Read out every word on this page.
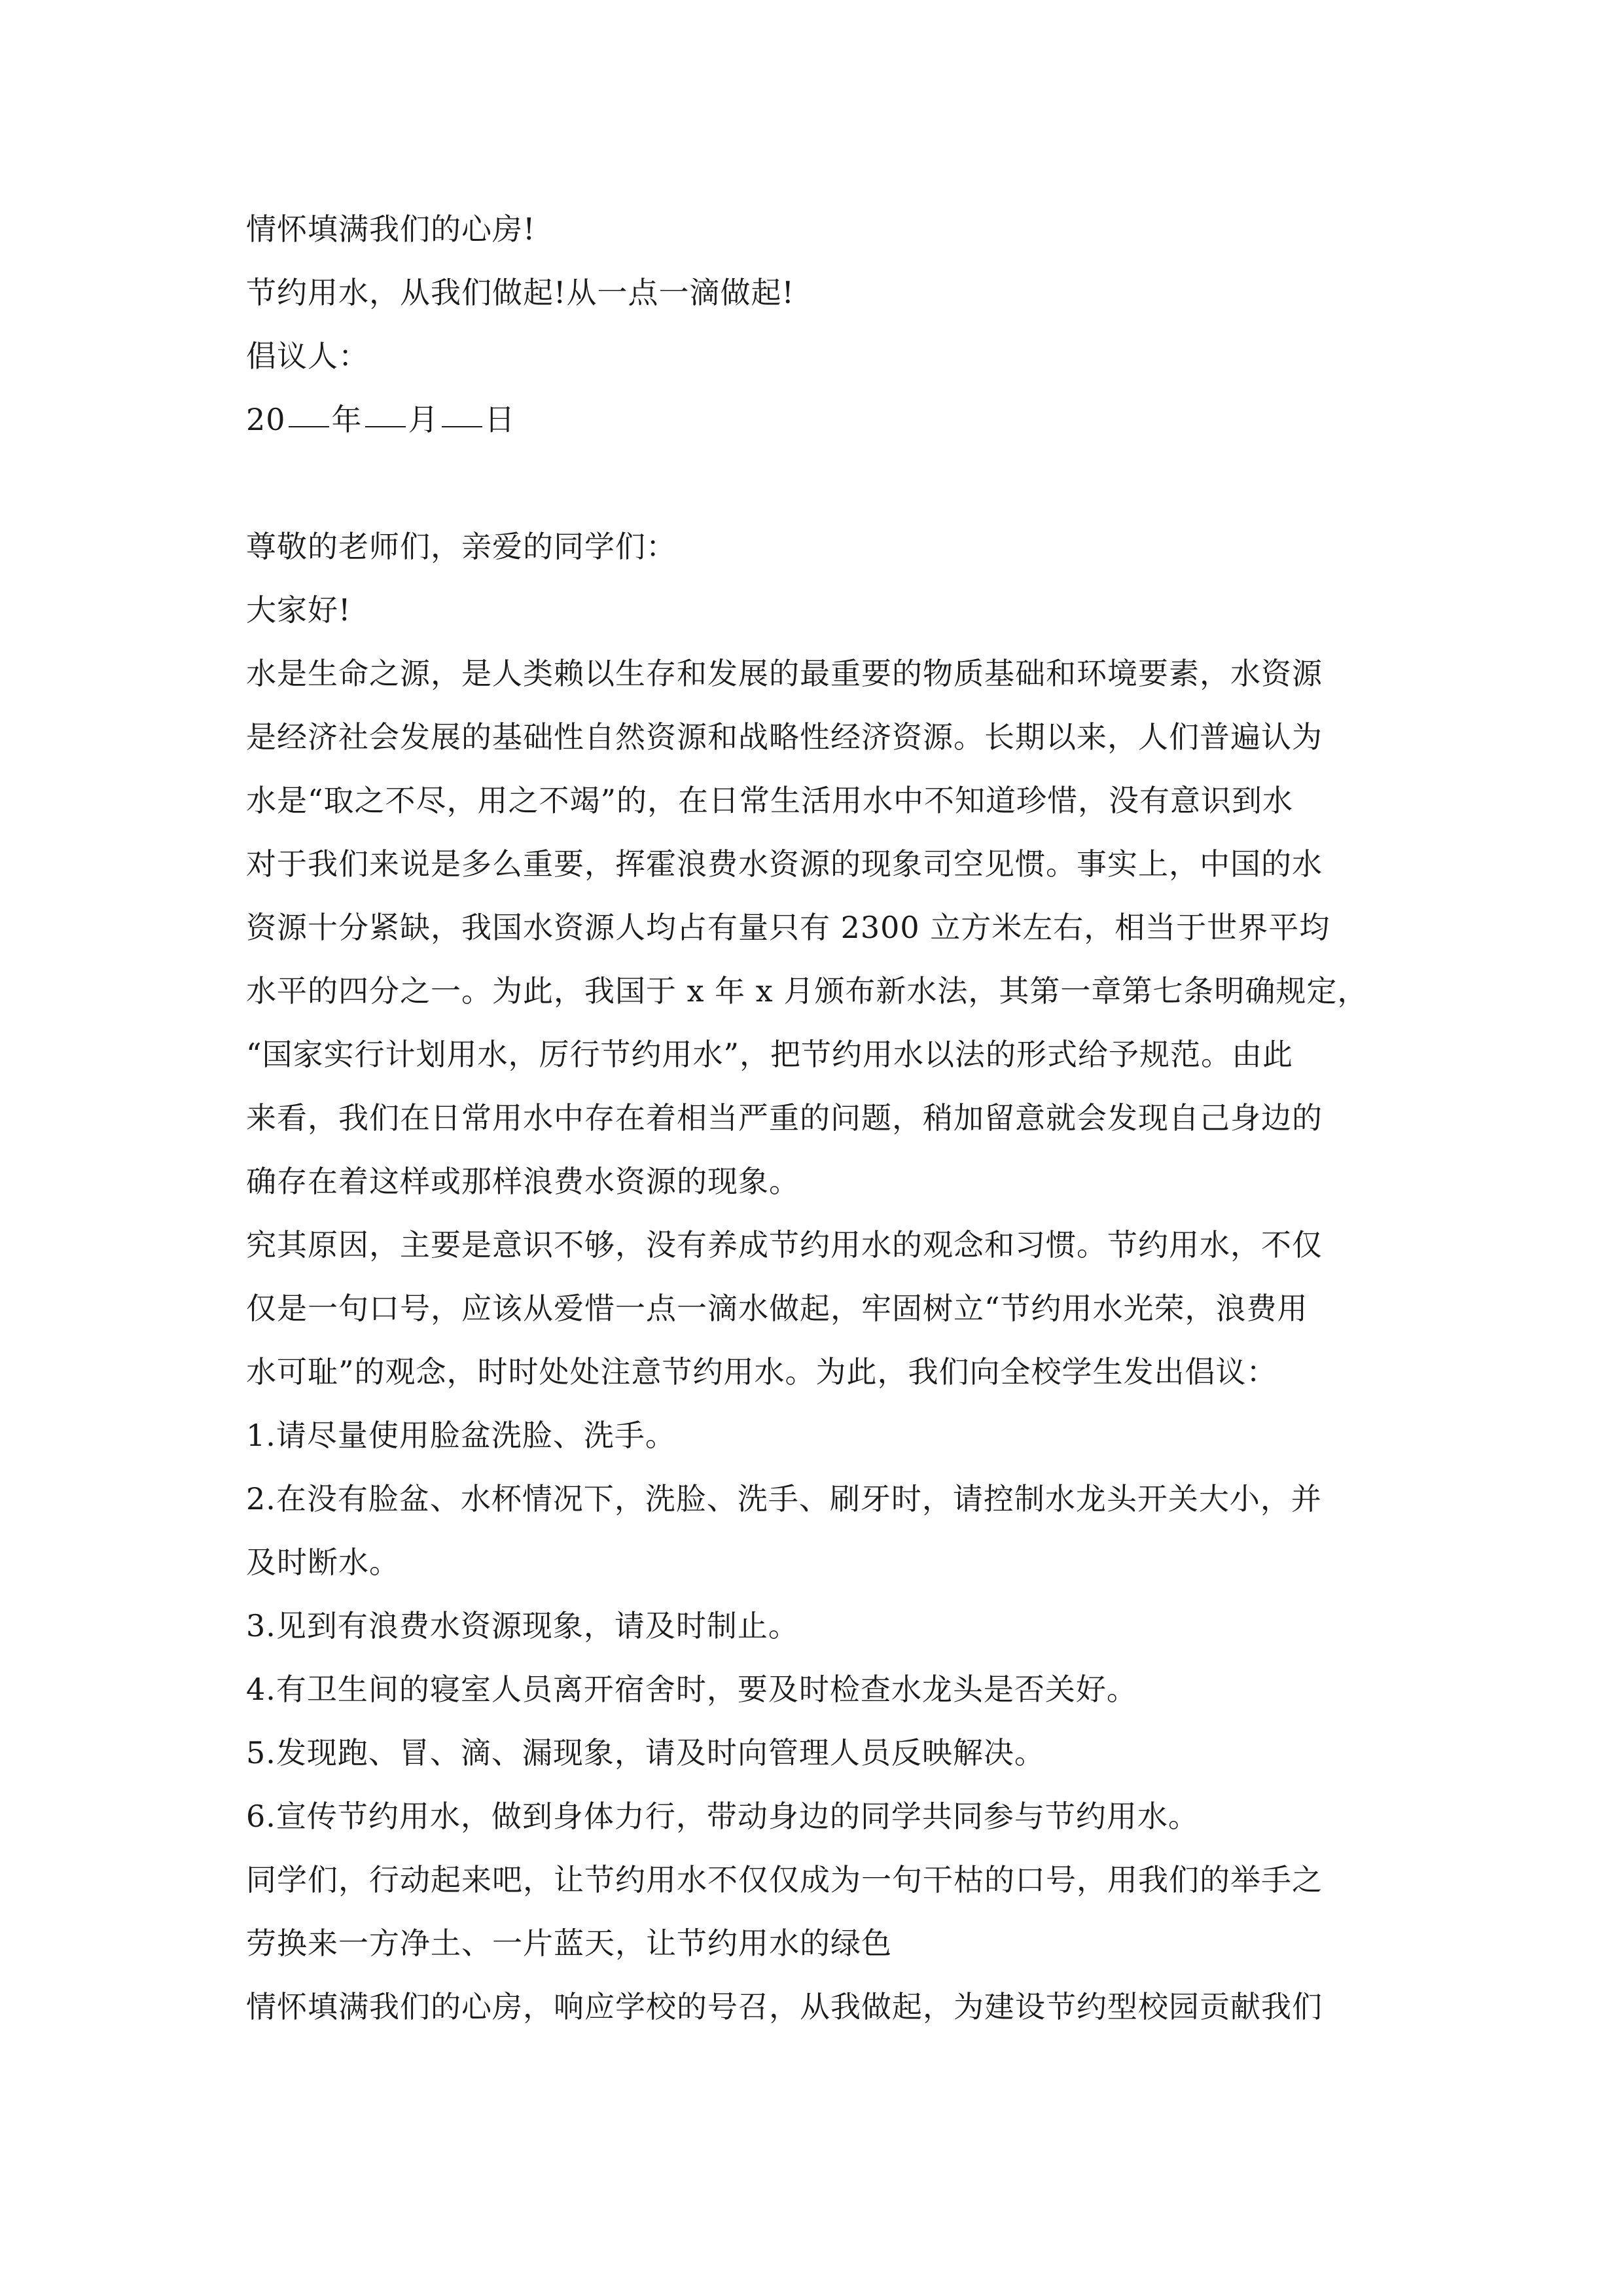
情怀填满我们的心房!
节约用水，从我们做起!从一点一滴做起!
倡议人：
20 年 月 日
尊敬的老师们，亲爱的同学们：
大家好!
水是生命之源，是人类赖以生存和发展的最重要的物质基础和环境要素，水资源
是经济社会发展的基础性自然资源和战略性经济资源。长期以来，人们普遍认为
水是“取之不尽，用之不竭”的，在日常生活用水中不知道珍惜，没有意识到水
对于我们来说是多么重要，挥霍浪费水资源的现象司空见惯。事实上，中国的水
资源十分紧缺，我国水资源人均占有量只有 2300 立方米左右，相当于世界平均
水平的四分之一。为此，我国于 x 年 x 月颁布新水法，其第一章第七条明确规定，
“国家实行计划用水，厉行节约用水”，把节约用水以法的形式给予规范。由此
来看，我们在日常用水中存在着相当严重的问题，稍加留意就会发现自己身边的
确存在着这样或那样浪费水资源的现象。
究其原因，主要是意识不够，没有养成节约用水的观念和习惯。节约用水，不仅
仅是一句口号，应该从爱惜一点一滴水做起，牢固树立“节约用水光荣，浪费用
水可耻”的观念，时时处处注意节约用水。为此，我们向全校学生发出倡议：
1.请尽量使用脸盆洗脸、洗手。
2.在没有脸盆、水杯情况下，洗脸、洗手、刷牙时，请控制水龙头开关大小，并
及时断水。
3.见到有浪费水资源现象，请及时制止。
4.有卫生间的寝室人员离开宿舍时，要及时检查水龙头是否关好。
5.发现跑、冒、滴、漏现象，请及时向管理人员反映解决。
6.宣传节约用水，做到身体力行，带动身边的同学共同参与节约用水。
同学们，行动起来吧，让节约用水不仅仅成为一句干枯的口号，用我们的举手之
劳换来一方净土、一片蓝天，让节约用水的绿色
情怀填满我们的心房，响应学校的号召，从我做起，为建设节约型校园贡献我们
